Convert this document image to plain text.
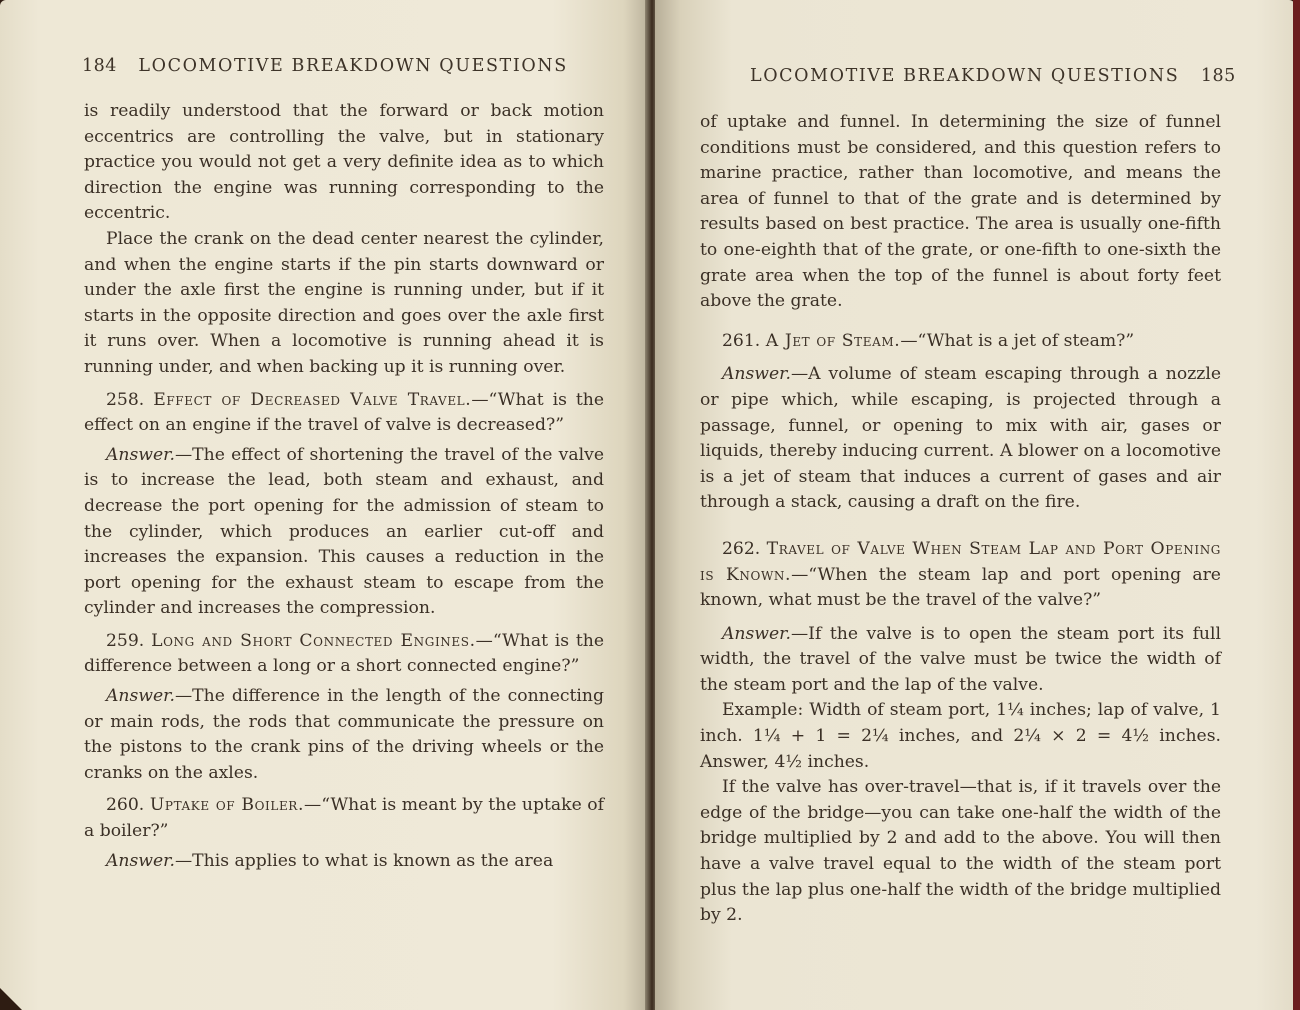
184 LOCOMOTIVE BREAKDOWN QUESTIONS

is readily understood that the forward or back motion eccentrics are controlling the valve, but in stationary practice you would not get a very definite idea as to which direction the engine was running corresponding to the eccentric.

Place the crank on the dead center nearest the cylinder, and when the engine starts if the pin starts downward or under the axle first the engine is running under, but if it starts in the opposite direction and goes over the axle first it runs over. When a locomotive is running ahead it is running under, and when backing up it is running over.

258. Effect of Decreased Valve Travel.—“What is the effect on an engine if the travel of valve is decreased?”

Answer.—The effect of shortening the travel of the valve is to increase the lead, both steam and exhaust, and decrease the port opening for the admission of steam to the cylinder, which produces an earlier cut-off and increases the expansion. This causes a reduction in the port opening for the exhaust steam to escape from the cylinder and increases the compression.

259. Long and Short Connected Engines.—“What is the difference between a long or a short connected engine?”

Answer.—The difference in the length of the connecting or main rods, the rods that communicate the pressure on the pistons to the crank pins of the driving wheels or the cranks on the axles.

260. Uptake of Boiler.—“What is meant by the uptake of a boiler?”

Answer.—This applies to what is known as the area

LOCOMOTIVE BREAKDOWN QUESTIONS 185

of uptake and funnel. In determining the size of funnel conditions must be considered, and this question refers to marine practice, rather than locomotive, and means the area of funnel to that of the grate and is determined by results based on best practice. The area is usually one-fifth to one-eighth that of the grate, or one-fifth to one-sixth the grate area when the top of the funnel is about forty feet above the grate.

261. A Jet of Steam.—“What is a jet of steam?”

Answer.—A volume of steam escaping through a nozzle or pipe which, while escaping, is projected through a passage, funnel, or opening to mix with air, gases or liquids, thereby inducing current. A blower on a locomotive is a jet of steam that induces a current of gases and air through a stack, causing a draft on the fire.

262. Travel of Valve When Steam Lap and Port Opening is Known.—“When the steam lap and port opening are known, what must be the travel of the valve?”

Answer.—If the valve is to open the steam port its full width, the travel of the valve must be twice the width of the steam port and the lap of the valve.

Example: Width of steam port, 1¼ inches; lap of valve, 1 inch. 1¼ + 1 = 2¼ inches, and 2¼ × 2 = 4½ inches. Answer, 4½ inches.

If the valve has over-travel—that is, if it travels over the edge of the bridge—you can take one-half the width of the bridge multiplied by 2 and add to the above. You will then have a valve travel equal to the width of the steam port plus the lap plus one-half the width of the bridge multiplied by 2.
